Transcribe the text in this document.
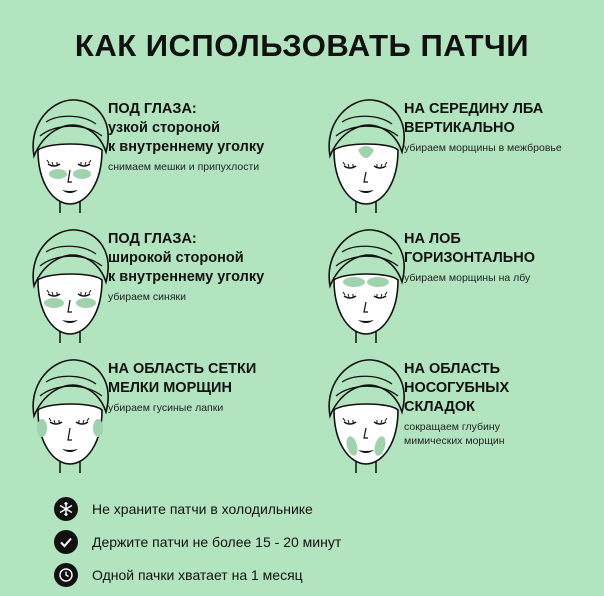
КАК ИСПОЛЬЗОВАТЬ ПАТЧИ
ПОД ГЛАЗА:
узкой стороной
к внутреннему уголку
снимаем мешки и припухлости
НА СЕРЕДИНУ ЛБА
ВЕРТИКАЛЬНО
убираем морщины в межбровье
ПОД ГЛАЗА:
широкой стороной
к внутреннему уголку
убираем синяки
НА ЛОБ
ГОРИЗОНТАЛЬНО
убираем морщины на лбу
НА ОБЛАСТЬ СЕТКИ
МЕЛКИ МОРЩИН
убираем гусиные лапки
НА ОБЛАСТЬ
НОСОГУБНЫХ
СКЛАДОК
сокращаем глубину
мимических морщин
Не храните патчи в холодильнике
Держите патчи не более 15 - 20 минут
Одной пачки хватает на 1 месяц
